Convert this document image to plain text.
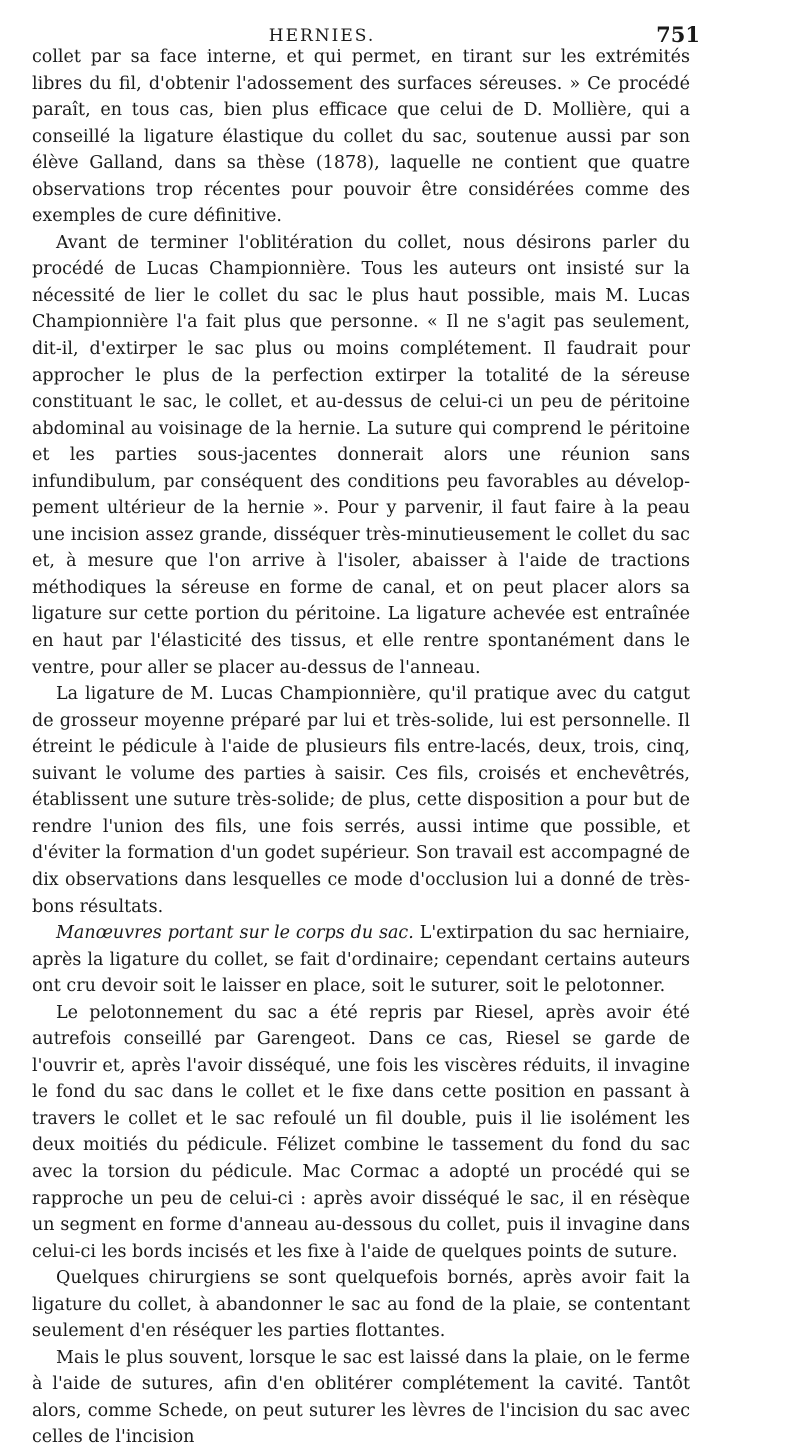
HERNIES.	751

collet par sa face interne, et qui permet, en tirant sur les extrémités libres du fil, d'obtenir l'adossement des surfaces séreuses. » Ce procédé paraît, en tous cas, bien plus efficace que celui de D. Mollière, qui a conseillé la ligature élastique du collet du sac, soutenue aussi par son élève Galland, dans sa thèse (1878), laquelle ne contient que quatre observations trop récentes pour pouvoir être considérées comme des exemples de cure définitive.

Avant de terminer l'oblitération du collet, nous désirons parler du procédé de Lucas Championnière. Tous les auteurs ont insisté sur la nécessité de lier le collet du sac le plus haut possible, mais M. Lucas Championnière l'a fait plus que personne. « Il ne s'agit pas seulement, dit-il, d'extirper le sac plus ou moins complétement. Il faudrait pour approcher le plus de la perfection extirper la totalité de la séreuse constituant le sac, le collet, et au-dessus de celui-ci un peu de péritoine abdominal au voisinage de la hernie. La suture qui comprend le péritoine et les parties sous-jacentes donnerait alors une réunion sans infundibulum, par conséquent des conditions peu favorables au développement ultérieur de la hernie ». Pour y parvenir, il faut faire à la peau une incision assez grande, disséquer très-minutieusement le collet du sac et, à mesure que l'on arrive à l'isoler, abaisser à l'aide de tractions méthodiques la séreuse en forme de canal, et on peut placer alors sa ligature sur cette portion du péritoine. La ligature achevée est entraînée en haut par l'élasticité des tissus, et elle rentre spontanément dans le ventre, pour aller se placer au-dessus de l'anneau.

La ligature de M. Lucas Championnière, qu'il pratique avec du catgut de grosseur moyenne préparé par lui et très-solide, lui est personnelle. Il étreint le pédicule à l'aide de plusieurs fils entre-lacés, deux, trois, cinq, suivant le volume des parties à saisir. Ces fils, croisés et enchevêtrés, établissent une suture très-solide; de plus, cette disposition a pour but de rendre l'union des fils, une fois serrés, aussi intime que possible, et d'éviter la formation d'un godet supérieur. Son travail est accompagné de dix observations dans lesquelles ce mode d'occlusion lui a donné de très-bons résultats.

Manœuvres portant sur le corps du sac. L'extirpation du sac herniaire, après la ligature du collet, se fait d'ordinaire; cependant certains auteurs ont cru devoir soit le laisser en place, soit le suturer, soit le pelotonner.

Le pelotonnement du sac a été repris par Riesel, après avoir été autrefois conseillé par Garengeot. Dans ce cas, Riesel se garde de l'ouvrir et, après l'avoir disséqué, une fois les viscères réduits, il invagine le fond du sac dans le collet et le fixe dans cette position en passant à travers le collet et le sac refoulé un fil double, puis il lie isolément les deux moitiés du pédicule. Félizet combine le tassement du fond du sac avec la torsion du pédicule. Mac Cormac a adopté un procédé qui se rapproche un peu de celui-ci : après avoir disséqué le sac, il en résèque un segment en forme d'anneau au-dessous du collet, puis il invagine dans celui-ci les bords incisés et les fixe à l'aide de quelques points de suture.

Quelques chirurgiens se sont quelquefois bornés, après avoir fait la ligature du collet, à abandonner le sac au fond de la plaie, se contentant seulement d'en réséquer les parties flottantes.

Mais le plus souvent, lorsque le sac est laissé dans la plaie, on le ferme à l'aide de sutures, afin d'en oblitérer complétement la cavité. Tantôt alors, comme Schede, on peut suturer les lèvres de l'incision du sac avec celles de l'incision
